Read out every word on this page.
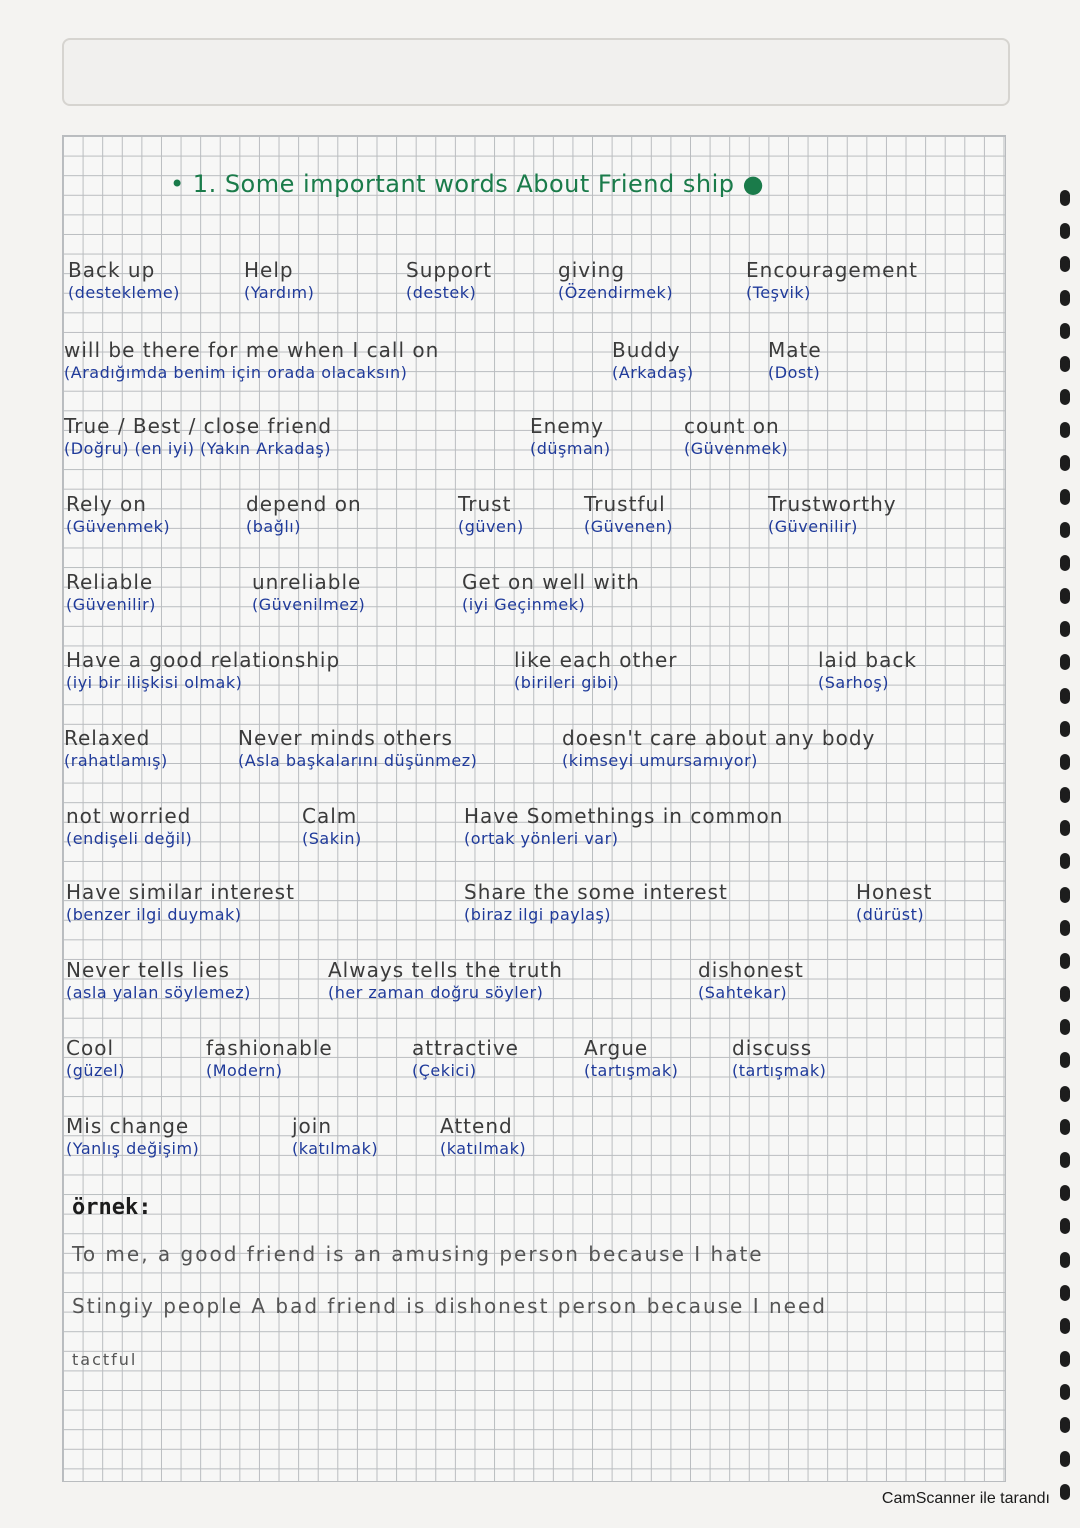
• 1. Some important words About Friend ship ●
Back up
(destekleme)
Help
(Yardım)
Support
(destek)
giving
(Özendirmek)
Encouragement
(Teşvik)
will be there for me when I call on
(Aradığımda benim için orada olacaksın)
Buddy
(Arkadaş)
Mate
(Dost)
True / Best / close friend
(Doğru) (en iyi) (Yakın Arkadaş)
Enemy
(düşman)
count on
(Güvenmek)
Rely on
(Güvenmek)
depend on
(bağlı)
Trust
(güven)
Trustful
(Güvenen)
Trustworthy
(Güvenilir)
Reliable
(Güvenilir)
unreliable
(Güvenilmez)
Get on well with
(iyi Geçinmek)
Have a good relationship
(iyi bir ilişkisi olmak)
like each other
(birileri gibi)
laid back
(Sarhoş)
Relaxed
(rahatlamış)
Never minds others
(Asla başkalarını düşünmez)
doesn't care about any body
(kimseyi umursamıyor)
not worried
(endişeli değil)
Calm
(Sakin)
Have Somethings in common
(ortak yönleri var)
Have similar interest
(benzer ilgi duymak)
Share the some interest
(biraz ilgi paylaş)
Honest
(dürüst)
Never tells lies
(asla yalan söylemez)
Always tells the truth
(her zaman doğru söyler)
dishonest
(Sahtekar)
Cool
(güzel)
fashionable
(Modern)
attractive
(Çekici)
Argue
(tartışmak)
discuss
(tartışmak)
Mis change
(Yanlış değişim)
join
(katılmak)
Attend
(katılmak)
örnek:
To me, a good friend is an amusing person because I hate
Stingiy people A bad friend is dishonest person because I need
tactful
CamScanner ile tarandı
